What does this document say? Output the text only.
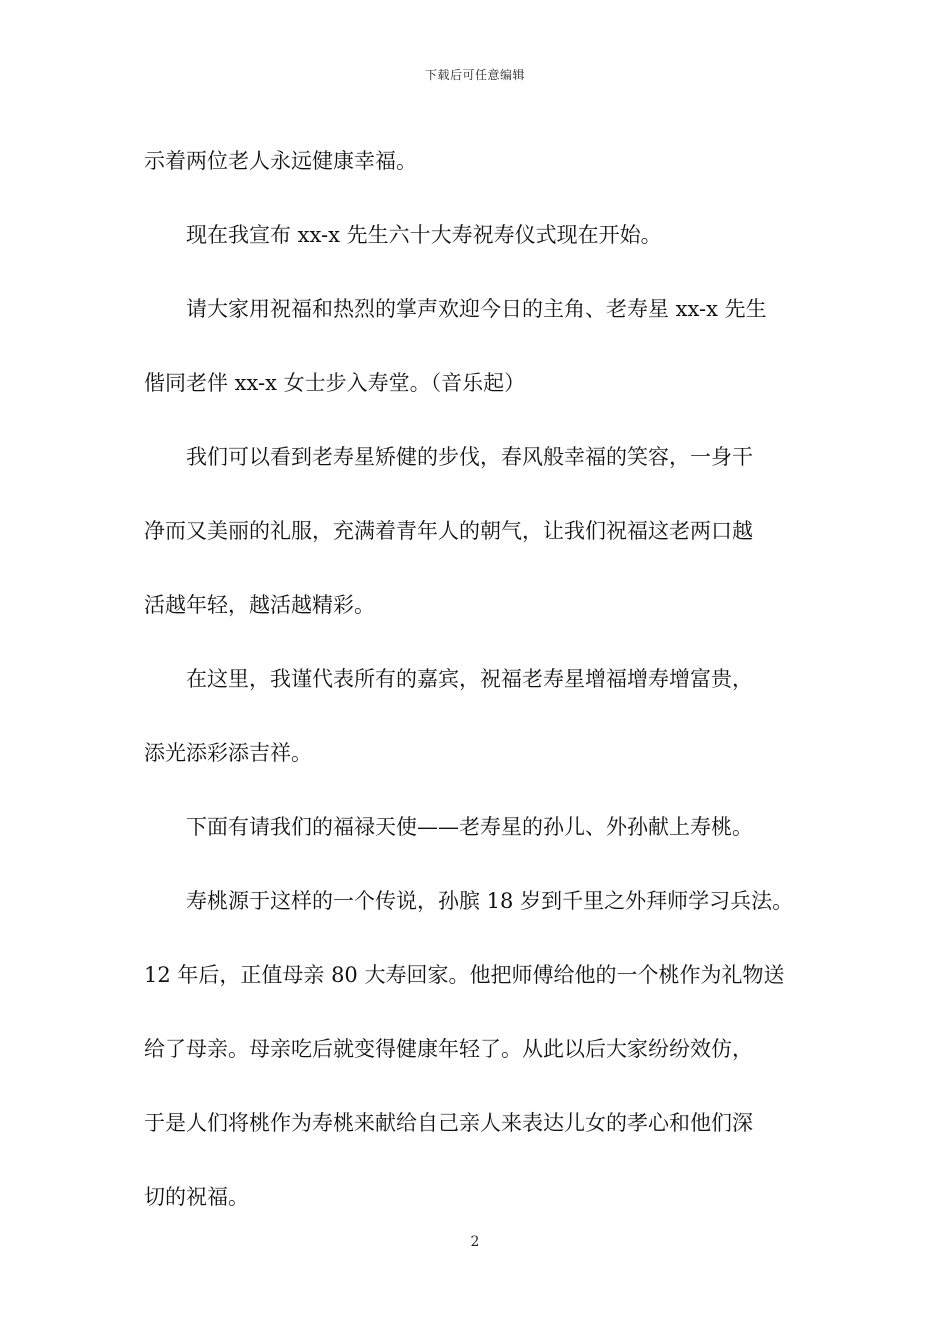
下载后可任意编辑

示着两位老人永远健康幸福。

现在我宣布 xx-x 先生六十大寿祝寿仪式现在开始。

请大家用祝福和热烈的掌声欢迎今日的主角、老寿星 xx-x 先生
偕同老伴 xx-x 女士步入寿堂。（音乐起）

我们可以看到老寿星矫健的步伐，春风般幸福的笑容，一身干
净而又美丽的礼服，充满着青年人的朝气，让我们祝福这老两口越
活越年轻，越活越精彩。

在这里，我谨代表所有的嘉宾，祝福老寿星增福增寿增富贵，
添光添彩添吉祥。

下面有请我们的福禄天使——老寿星的孙儿、外孙献上寿桃。

寿桃源于这样的一个传说，孙膑 18 岁到千里之外拜师学习兵法。
12 年后，正值母亲 80 大寿回家。他把师傅给他的一个桃作为礼物送
给了母亲。母亲吃后就变得健康年轻了。从此以后大家纷纷效仿，
于是人们将桃作为寿桃来献给自己亲人来表达儿女的孝心和他们深
切的祝福。

2
